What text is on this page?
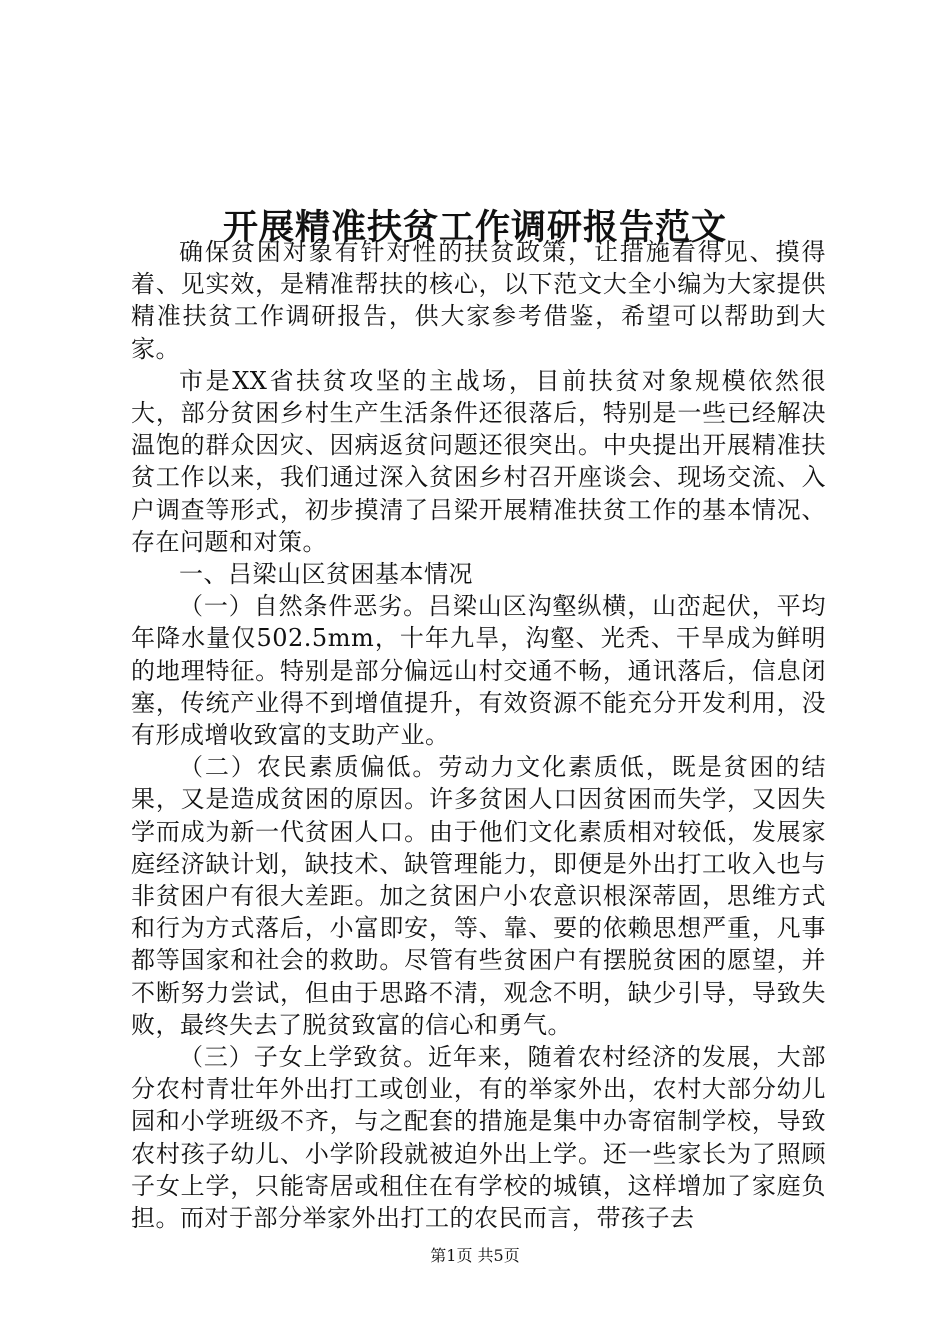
开展精准扶贫工作调研报告范文

确保贫困对象有针对性的扶贫政策，让措施看得见、摸得着、见实效，是精准帮扶的核心，以下范文大全小编为大家提供精准扶贫工作调研报告，供大家参考借鉴，希望可以帮助到大家。

市是XX省扶贫攻坚的主战场，目前扶贫对象规模依然很大，部分贫困乡村生产生活条件还很落后，特别是一些已经解决温饱的群众因灾、因病返贫问题还很突出。中央提出开展精准扶贫工作以来，我们通过深入贫困乡村召开座谈会、现场交流、入户调查等形式，初步摸清了吕梁开展精准扶贫工作的基本情况、存在问题和对策。

一、吕梁山区贫困基本情况

（一）自然条件恶劣。吕梁山区沟壑纵横，山峦起伏，平均年降水量仅502.5mm，十年九旱，沟壑、光秃、干旱成为鲜明的地理特征。特别是部分偏远山村交通不畅，通讯落后，信息闭塞，传统产业得不到增值提升，有效资源不能充分开发利用，没有形成增收致富的支助产业。

（二）农民素质偏低。劳动力文化素质低，既是贫困的结果，又是造成贫困的原因。许多贫困人口因贫困而失学，又因失学而成为新一代贫困人口。由于他们文化素质相对较低，发展家庭经济缺计划，缺技术、缺管理能力，即便是外出打工收入也与非贫困户有很大差距。加之贫困户小农意识根深蒂固，思维方式和行为方式落后，小富即安，等、靠、要的依赖思想严重，凡事都等国家和社会的救助。尽管有些贫困户有摆脱贫困的愿望，并不断努力尝试，但由于思路不清，观念不明，缺少引导，导致失败，最终失去了脱贫致富的信心和勇气。

（三）子女上学致贫。近年来，随着农村经济的发展，大部分农村青壮年外出打工或创业，有的举家外出，农村大部分幼儿园和小学班级不齐，与之配套的措施是集中办寄宿制学校，导致农村孩子幼儿、小学阶段就被迫外出上学。还一些家长为了照顾子女上学，只能寄居或租住在有学校的城镇，这样增加了家庭负担。而对于部分举家外出打工的农民而言，带孩子去

第1页 共5页
